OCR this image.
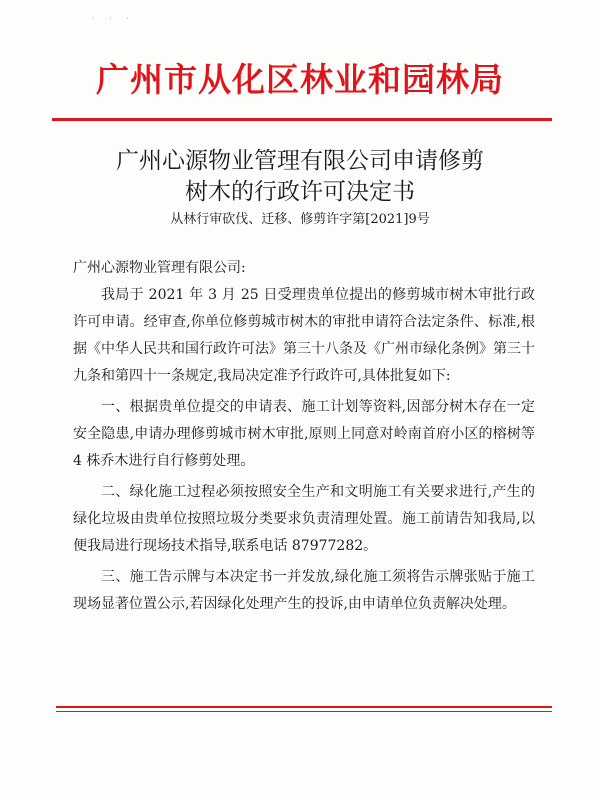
· · ·
广州市从化区林业和园林局
广州心源物业管理有限公司申请修剪
树木的行政许可决定书
从林行审砍伐、迁移、修剪许字第[2021]9号
广州心源物业管理有限公司:

我局于 2021 年 3 月 25 日受理贵单位提出的修剪城市树木审批行政许可申请。经审查,你单位修剪城市树木的审批申请符合法定条件、标准,根据《中华人民共和国行政许可法》第三十八条及《广州市绿化条例》第三十九条和第四十一条规定,我局决定准予行政许可,具体批复如下:

一、根据贵单位提交的申请表、施工计划等资料,因部分树木存在一定安全隐患,申请办理修剪城市树木审批,原则上同意对岭南首府小区的榕树等 4 株乔木进行自行修剪处理。

二、绿化施工过程必须按照安全生产和文明施工有关要求进行,产生的绿化垃圾由贵单位按照垃圾分类要求负责清理处置。施工前请告知我局,以便我局进行现场技术指导,联系电话 87977282。

三、施工告示牌与本决定书一并发放,绿化施工须将告示牌张贴于施工现场显著位置公示,若因绿化处理产生的投诉,由申请单位负责解决处理。
